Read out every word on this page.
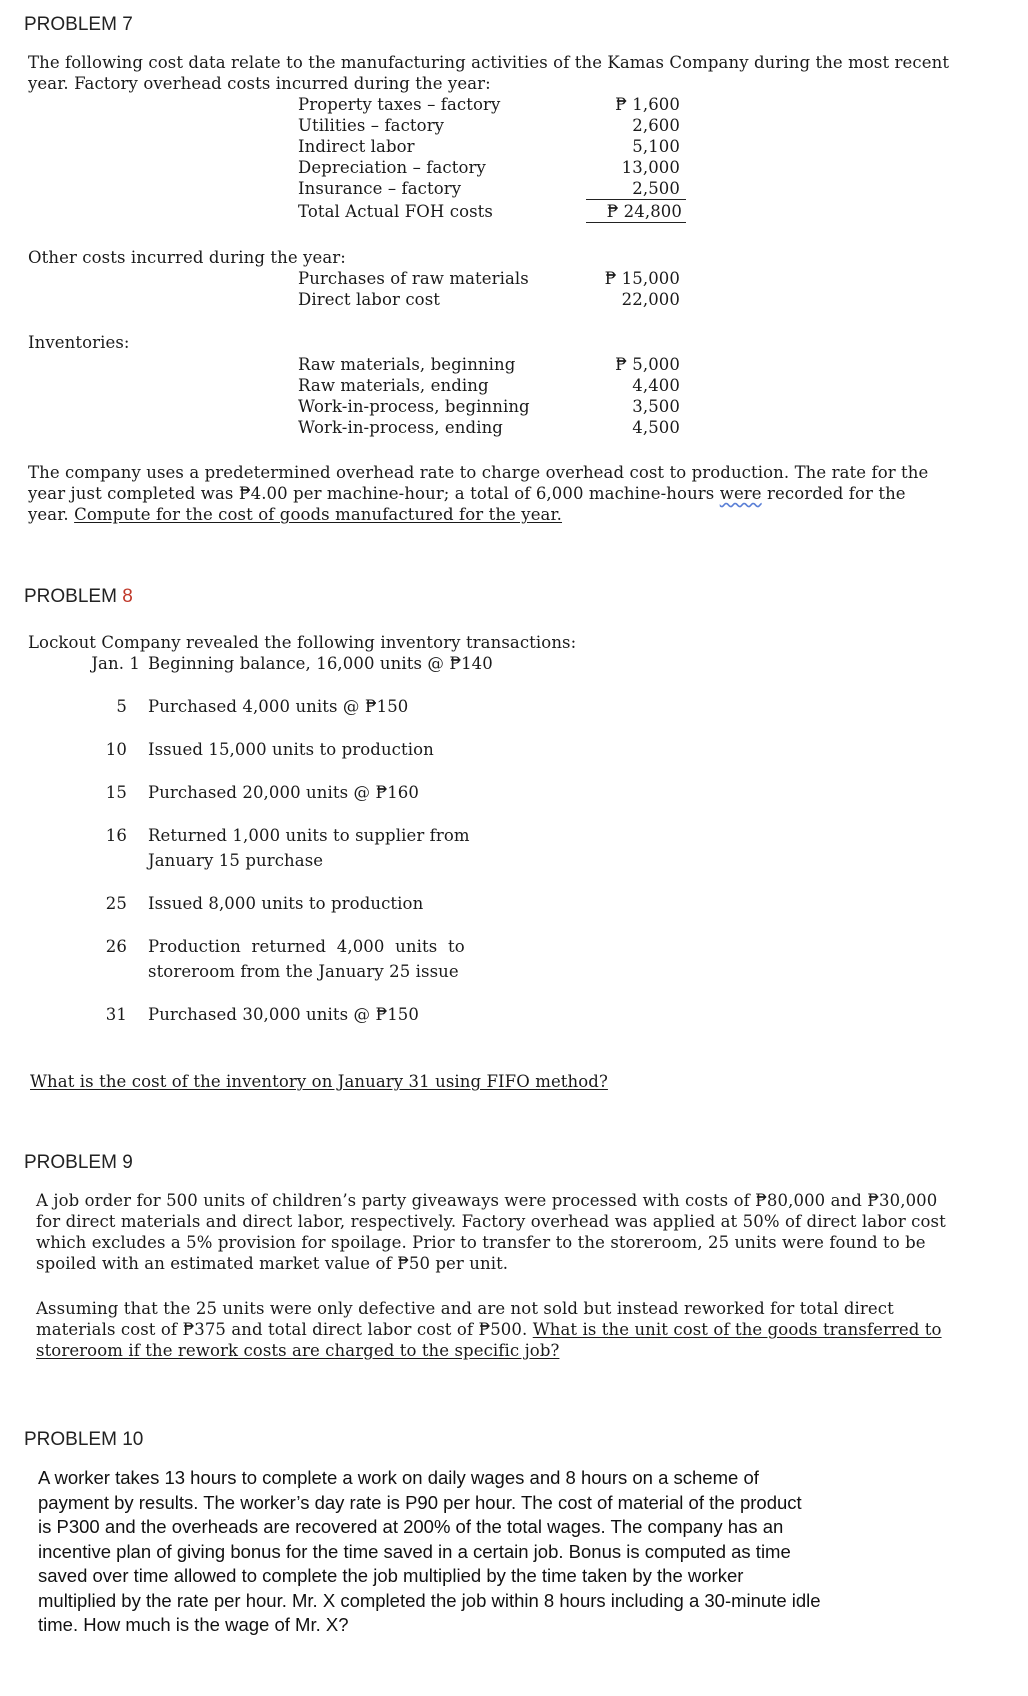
PROBLEM 7
The following cost data relate to the manufacturing activities of the Kamas Company during the most recent
year. Factory overhead costs incurred during the year:
Property taxes – factory	₱ 1,600
Utilities – factory	2,600
Indirect labor	5,100
Depreciation – factory	13,000
Insurance – factory	2,500
Total Actual FOH costs	₱ 24,800
Other costs incurred during the year:
Purchases of raw materials	₱ 15,000
Direct labor cost	22,000
Inventories:
Raw materials, beginning	₱ 5,000
Raw materials, ending	4,400
Work-in-process, beginning	3,500
Work-in-process, ending	4,500
The company uses a predetermined overhead rate to charge overhead cost to production. The rate for the
year just completed was ₱4.00 per machine-hour; a total of 6,000 machine-hours were recorded for the
year. Compute for the cost of goods manufactured for the year.
PROBLEM 8
Lockout Company revealed the following inventory transactions:
Jan. 1 Beginning balance, 16,000 units @ ₱140
5 Purchased 4,000 units @ ₱150
10 Issued 15,000 units to production
15 Purchased 20,000 units @ ₱160
16 Returned 1,000 units to supplier from
January 15 purchase
25 Issued 8,000 units to production
26 Production  returned  4,000  units  to
storeroom from the January 25 issue
31 Purchased 30,000 units @ ₱150
What is the cost of the inventory on January 31 using FIFO method?
PROBLEM 9
A job order for 500 units of children’s party giveaways were processed with costs of ₱80,000 and ₱30,000
for direct materials and direct labor, respectively. Factory overhead was applied at 50% of direct labor cost
which excludes a 5% provision for spoilage. Prior to transfer to the storeroom, 25 units were found to be
spoiled with an estimated market value of ₱50 per unit.
Assuming that the 25 units were only defective and are not sold but instead reworked for total direct
materials cost of ₱375 and total direct labor cost of ₱500. What is the unit cost of the goods transferred to
storeroom if the rework costs are charged to the specific job?
PROBLEM 10
A worker takes 13 hours to complete a work on daily wages and 8 hours on a scheme of
payment by results. The worker’s day rate is P90 per hour. The cost of material of the product
is P300 and the overheads are recovered at 200% of the total wages. The company has an
incentive plan of giving bonus for the time saved in a certain job. Bonus is computed as time
saved over time allowed to complete the job multiplied by the time taken by the worker
multiplied by the rate per hour. Mr. X completed the job within 8 hours including a 30-minute idle
time. How much is the wage of Mr. X?
